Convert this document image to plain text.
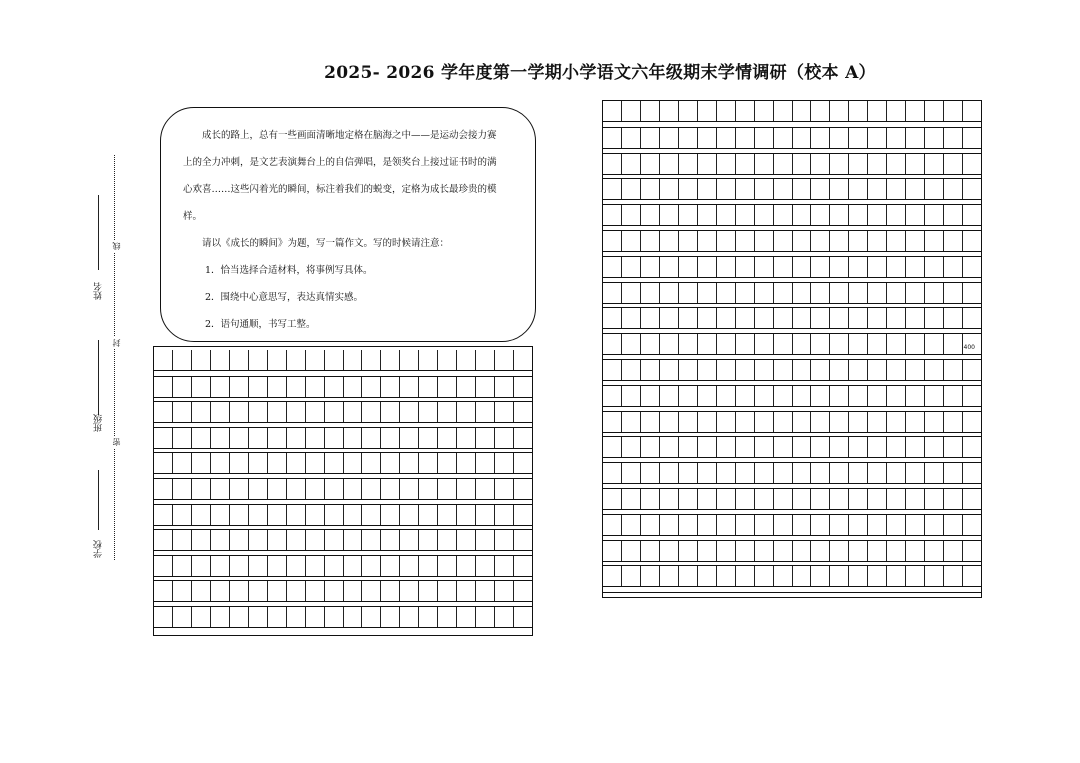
2025- 2026 学年度第一学期小学语文六年级期末学情调研（校本 A）
姓名
班级
学校
线
封
密

成长的路上，总有一些画面清晰地定格在脑海之中——是运动会接力赛

上的全力冲刺，是文艺表演舞台上的自信弹唱，是领奖台上接过证书时的满

心欢喜……这些闪着光的瞬间，标注着我们的蜕变，定格为成长最珍贵的模

样。

请以《成长的瞬间》为题，写一篇作文。写的时候请注意：

1．恰当选择合适材料，将事例写具体。

2．围绕中心意思写，表达真情实感。

2．语句通顺，书写工整。

400
